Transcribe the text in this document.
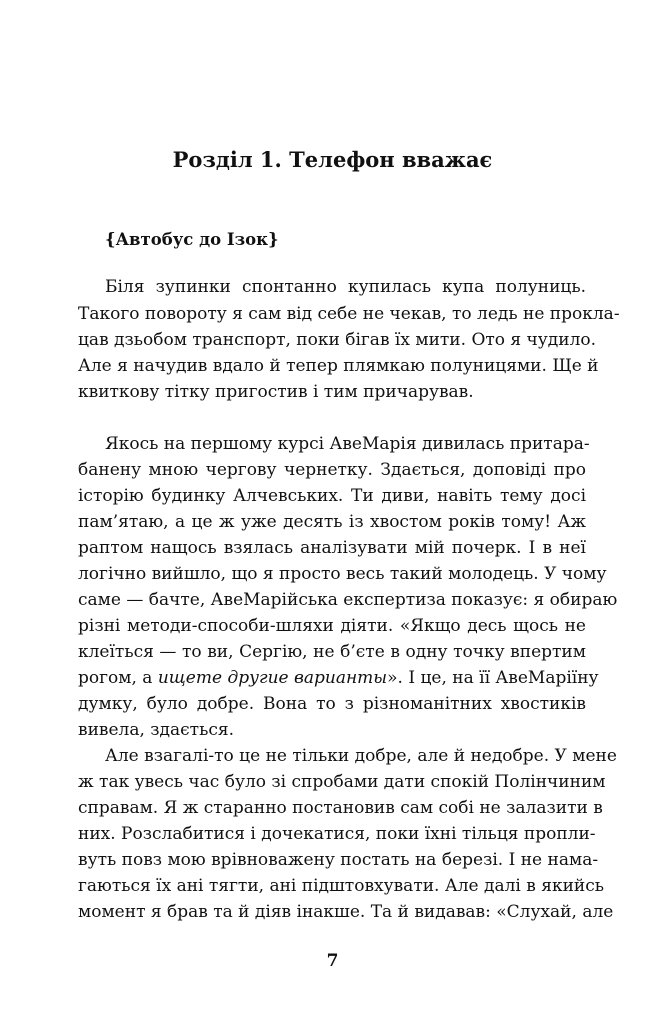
Розділ 1. Телефон вважає
{Автобус до Ізок}
Біля зупинки спонтанно купилась купа полуниць.
Такого повороту я сам від себе не чекав, то ледь не прокла-
цав дзьобом транспорт, поки бігав їх мити. Ото я чудило.
Але я начудив вдало й тепер плямкаю полуницями. Ще й
квиткову тітку пригостив і тим причарував.
Якось на першому курсі АвеМарія дивилась притара-
банену мною чергову чернетку. Здається, доповіді про
історію будинку Алчевських. Ти диви, навіть тему досі
пам’ятаю, а це ж уже десять із хвостом років тому! Аж
раптом нащось взялась аналізувати мій почерк. І в неї
логічно вийшло, що я просто весь такий молодець. У чому
саме — бачте, АвеМарійська експертиза показує: я обираю
різні методи-способи-шляхи діяти. «Якщо десь щось не
клеїться — то ви, Сергію, не б’єте в одну точку впертим
рогом, а ищете другие варианты». І це, на її АвеМаріїну
думку, було добре. Вона то з різноманітних хвостиків
вивела, здається.
Але взагалі-то це не тільки добре, але й недобре. У мене
ж так увесь час було зі спробами дати спокій Полінчиним
справам. Я ж старанно постановив сам собі не залазити в
них. Розслабитися і дочекатися, поки їхні тільця пропли-
вуть повз мою врівноважену постать на березі. І не нама-
гаються їх ані тягти, ані підштовхувати. Але далі в якийсь
момент я брав та й діяв інакше. Та й видавав: «Слухай, але
7
